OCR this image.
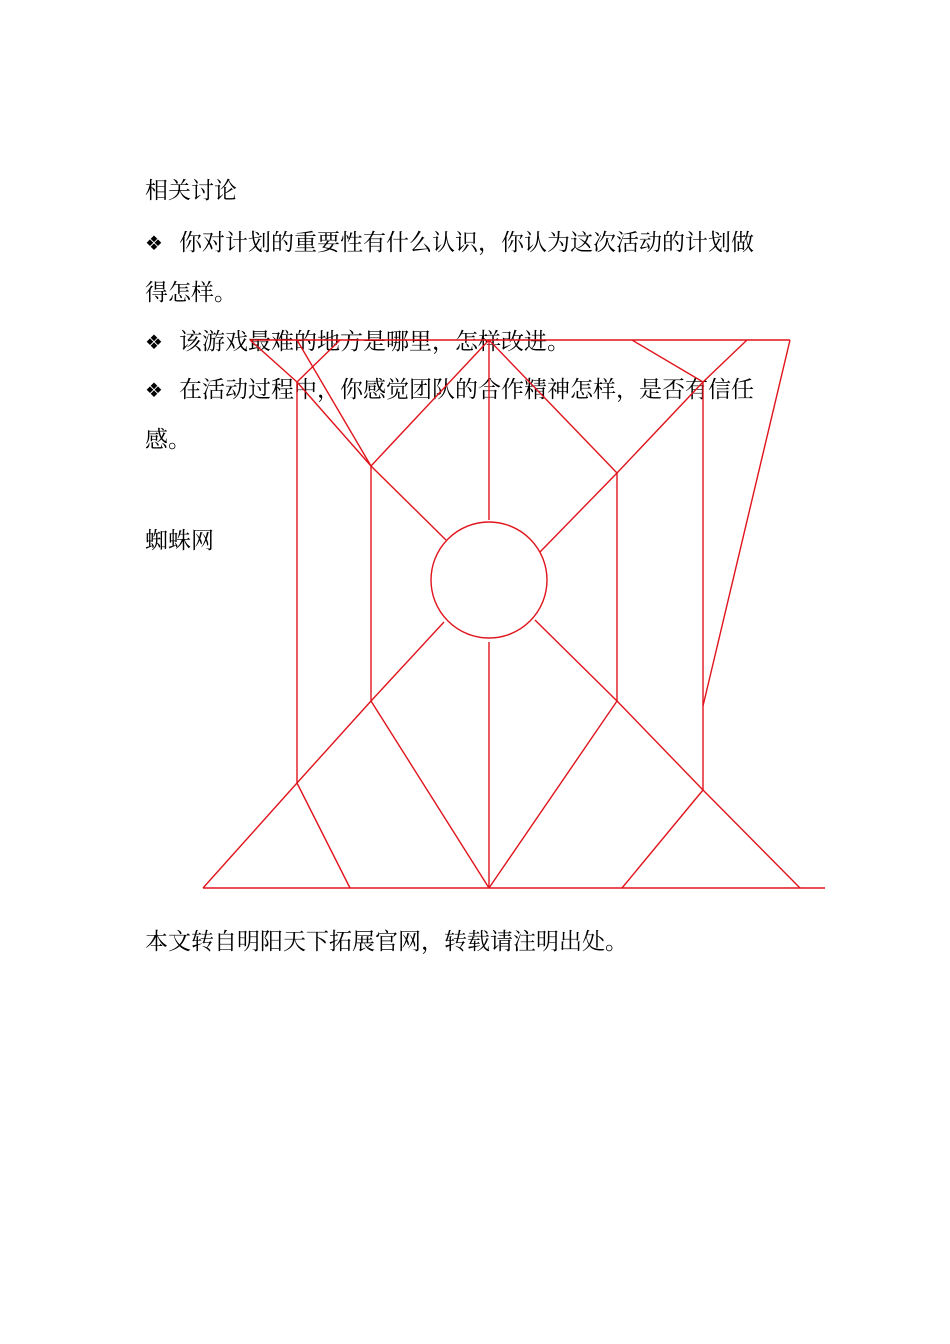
相关讨论
❖ 你对计划的重要性有什么认识，你认为这次活动的计划做
得怎样。
❖ 该游戏最难的地方是哪里，怎样改进。
❖ 在活动过程中，你感觉团队的合作精神怎样，是否有信任
感。
蜘蛛网
本文转自明阳天下拓展官网，转载请注明出处。
